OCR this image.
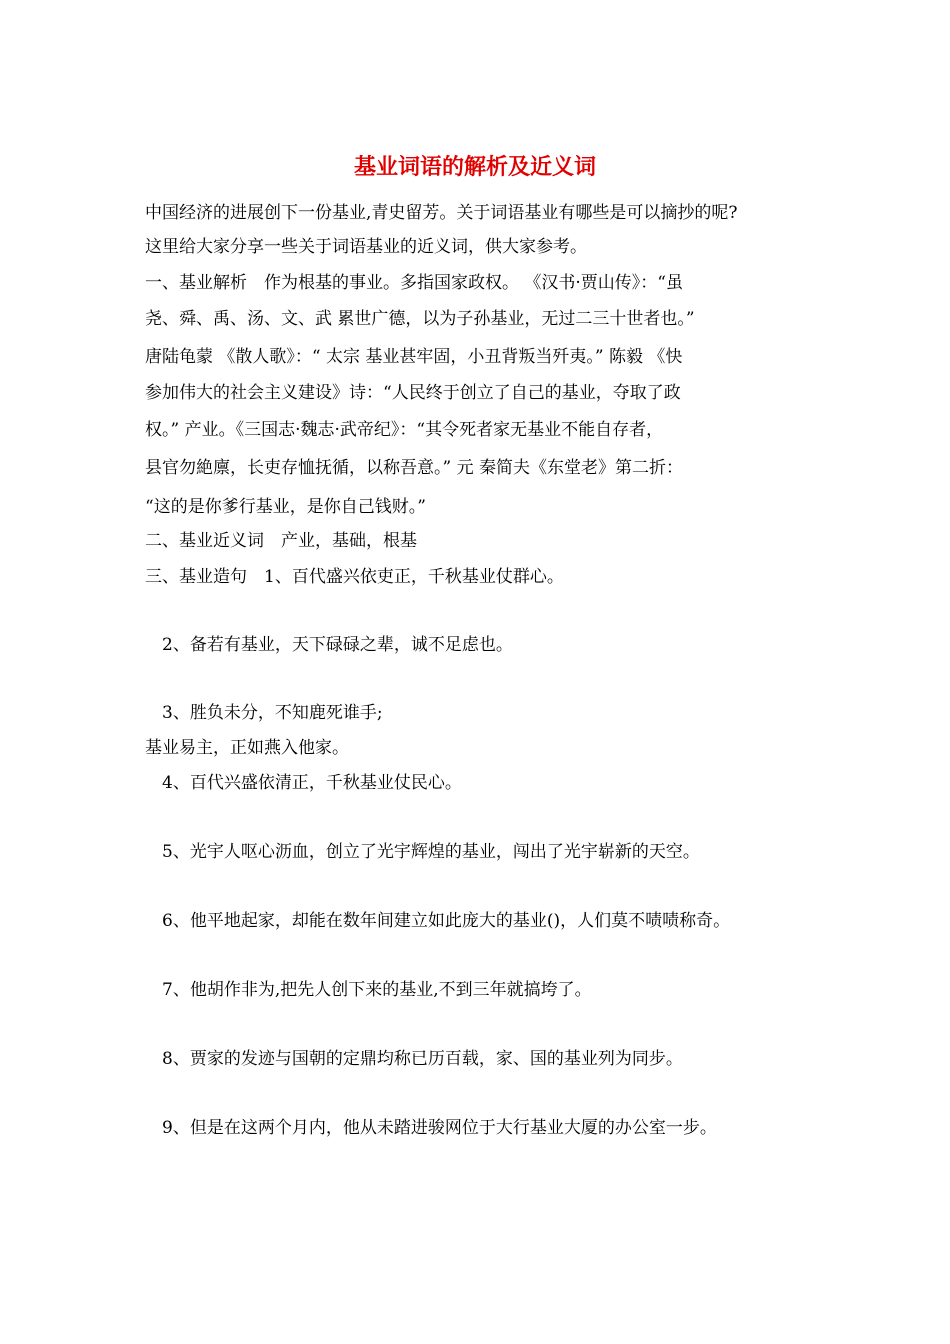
基业词语的解析及近义词
中国经济的进展创下一份基业,青史留芳。关于词语基业有哪些是可以摘抄的呢?
这里给大家分享一些关于词语基业的近义词，供大家参考。
一、基业解析　作为根基的事业。多指国家政权。 《汉书·贾山传》：“虽
尧、舜、禹、汤、文、武 累世广德，以为子孙基业，无过二三十世者也。”
唐陆龟蒙 《散人歌》：“ 太宗 基业甚牢固，小丑背叛当歼夷。” 陈毅 《快
参加伟大的社会主义建设》诗：“人民终于创立了自己的基业，夺取了政
权。” 产业。《三国志·魏志·武帝纪》：“其令死者家无基业不能自存者，
县官勿絶廪，长吏存恤抚循，以称吾意。” 元 秦简夫《东堂老》第二折：
“这的是你爹行基业，是你自己钱财。”
二、基业近义词　产业，基础，根基
三、基业造句　1、百代盛兴依吏正，千秋基业仗群心。
2、备若有基业，天下碌碌之辈，诚不足虑也。
3、胜负未分，不知鹿死谁手;
基业易主，正如燕入他家。
4、百代兴盛依清正，千秋基业仗民心。
5、光宇人呕心沥血，创立了光宇辉煌的基业，闯出了光宇崭新的天空。
6、他平地起家，却能在数年间建立如此庞大的基业()，人们莫不啧啧称奇。
7、他胡作非为,把先人创下来的基业,不到三年就搞垮了。
8、贾家的发迹与国朝的定鼎均称已历百载，家、国的基业列为同步。
9、但是在这两个月内，他从未踏进骏网位于大行基业大厦的办公室一步。
